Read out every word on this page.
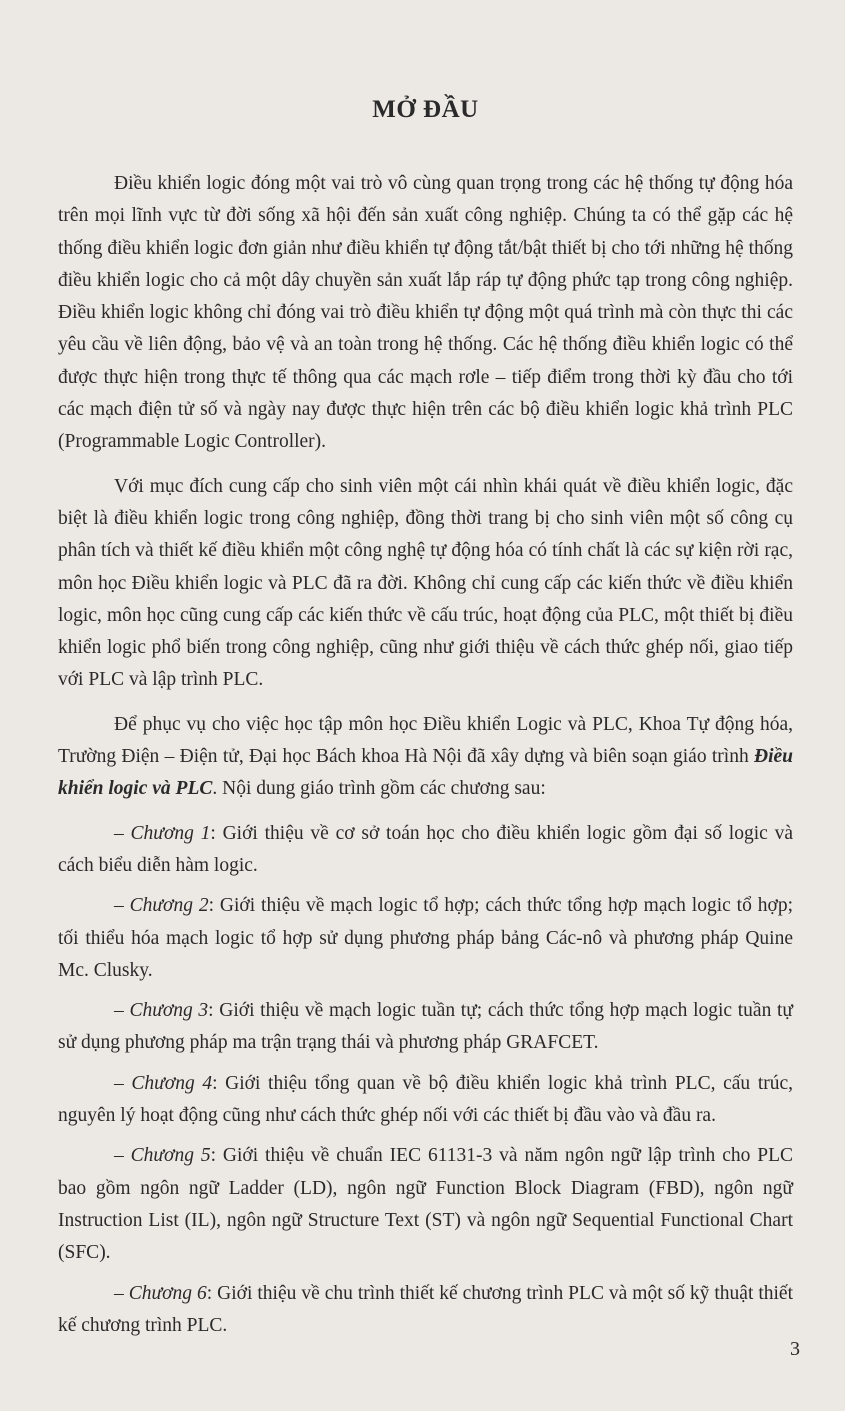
MỞ ĐẦU

Điều khiển logic đóng một vai trò vô cùng quan trọng trong các hệ thống tự động hóa trên mọi lĩnh vực từ đời sống xã hội đến sản xuất công nghiệp. Chúng ta có thể gặp các hệ thống điều khiển logic đơn giản như điều khiển tự động tắt/bật thiết bị cho tới những hệ thống điều khiển logic cho cả một dây chuyền sản xuất lắp ráp tự động phức tạp trong công nghiệp. Điều khiển logic không chỉ đóng vai trò điều khiển tự động một quá trình mà còn thực thi các yêu cầu về liên động, bảo vệ và an toàn trong hệ thống. Các hệ thống điều khiển logic có thể được thực hiện trong thực tế thông qua các mạch rơle – tiếp điểm trong thời kỳ đầu cho tới các mạch điện tử số và ngày nay được thực hiện trên các bộ điều khiển logic khả trình PLC (Programmable Logic Controller).

Với mục đích cung cấp cho sinh viên một cái nhìn khái quát về điều khiển logic, đặc biệt là điều khiển logic trong công nghiệp, đồng thời trang bị cho sinh viên một số công cụ phân tích và thiết kế điều khiển một công nghệ tự động hóa có tính chất là các sự kiện rời rạc, môn học Điều khiển logic và PLC đã ra đời. Không chỉ cung cấp các kiến thức về điều khiển logic, môn học cũng cung cấp các kiến thức về cấu trúc, hoạt động của PLC, một thiết bị điều khiển logic phổ biến trong công nghiệp, cũng như giới thiệu về cách thức ghép nối, giao tiếp với PLC và lập trình PLC.

Để phục vụ cho việc học tập môn học Điều khiển Logic và PLC, Khoa Tự động hóa, Trường Điện – Điện tử, Đại học Bách khoa Hà Nội đã xây dựng và biên soạn giáo trình Điều khiển logic và PLC. Nội dung giáo trình gồm các chương sau:

– Chương 1: Giới thiệu về cơ sở toán học cho điều khiển logic gồm đại số logic và cách biểu diễn hàm logic.

– Chương 2: Giới thiệu về mạch logic tổ hợp; cách thức tổng hợp mạch logic tổ hợp; tối thiểu hóa mạch logic tổ hợp sử dụng phương pháp bảng Các-nô và phương pháp Quine Mc. Clusky.

– Chương 3: Giới thiệu về mạch logic tuần tự; cách thức tổng hợp mạch logic tuần tự sử dụng phương pháp ma trận trạng thái và phương pháp GRAFCET.

– Chương 4: Giới thiệu tổng quan về bộ điều khiển logic khả trình PLC, cấu trúc, nguyên lý hoạt động cũng như cách thức ghép nối với các thiết bị đầu vào và đầu ra.

– Chương 5: Giới thiệu về chuẩn IEC 61131-3 và năm ngôn ngữ lập trình cho PLC bao gồm ngôn ngữ Ladder (LD), ngôn ngữ Function Block Diagram (FBD), ngôn ngữ Instruction List (IL), ngôn ngữ Structure Text (ST) và ngôn ngữ Sequential Functional Chart (SFC).

– Chương 6: Giới thiệu về chu trình thiết kế chương trình PLC và một số kỹ thuật thiết kế chương trình PLC.

3
